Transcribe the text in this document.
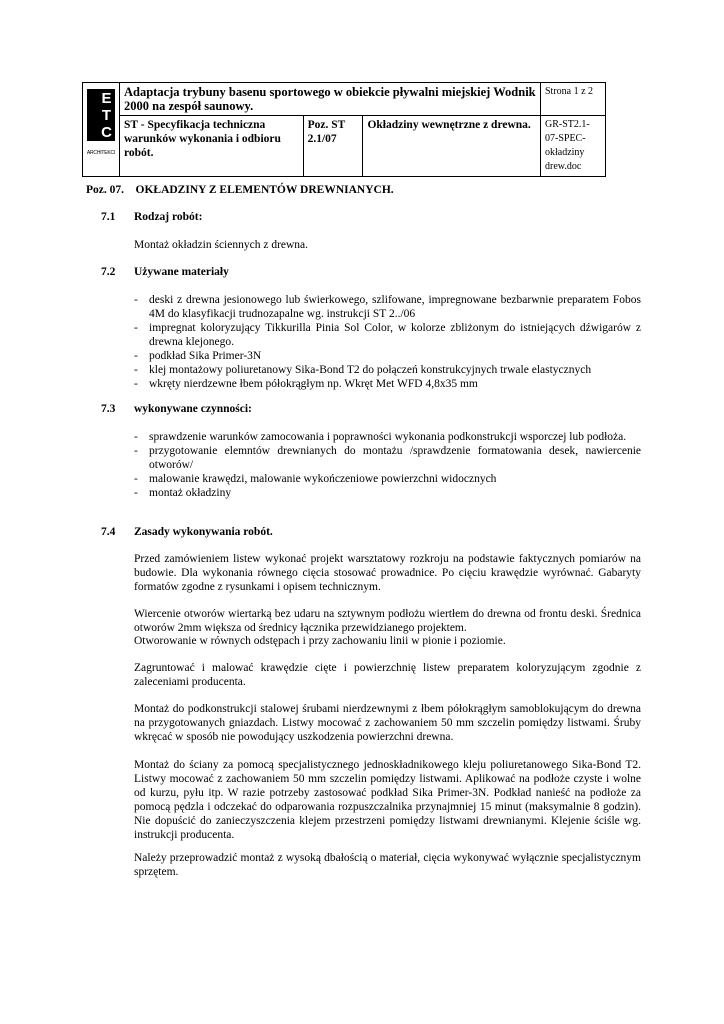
ETC
ARCHITEKCI	Adaptacja trybuny basenu sportowego w obiekcie pływalni miejskiej Wodnik 2000 na zespół saunowy.			Strona 1 z 2
	ST - Specyfikacja techniczna warunków wykonania i odbioru robót.	Poz. ST 2.1/07	Okładziny wewnętrzne z drewna.	GR-ST2.1-07-SPEC-okładziny drew.doc
Poz. 07.    OKŁADZINY Z ELEMENTÓW DREWNIANYCH.
7.1 Rodzaj robót:
Montaż okładzin ściennych z drewna.
7.2 Używane materiały
- deski z drewna jesionowego lub świerkowego, szlifowane, impregnowane bezbarwnie preparatem Fobos 4M do klasyfikacji trudnozapalne wg. instrukcji ST 2../06
- impregnat koloryzujący Tikkurilla Pinia Sol Color, w kolorze zbliżonym do istniejących dźwigarów z drewna klejonego.
- podkład Sika Primer-3N
- klej montażowy poliuretanowy Sika-Bond T2 do połączeń konstrukcyjnych trwale elastycznych
- wkręty nierdzewne łbem półokrągłym np. Wkręt Met WFD 4,8x35 mm
7.3 wykonywane czynności:
- sprawdzenie warunków zamocowania i poprawności wykonania podkonstrukcji wsporczej lub podłoża.
- przygotowanie elemntów drewnianych do montażu /sprawdzenie formatowania desek, nawiercenie otworów/
- malowanie krawędzi, malowanie wykończeniowe powierzchni widocznych
- montaż okładziny
7.4 Zasady wykonywania robót.
Przed zamówieniem listew wykonać projekt warsztatowy rozkroju na podstawie faktycznych pomiarów na budowie. Dla wykonania równego cięcia stosować prowadnice. Po cięciu krawędzie wyrównać. Gabaryty formatów zgodne z rysunkami i opisem technicznym.
Wiercenie otworów wiertarką bez udaru na sztywnym podłożu wiertłem do drewna od frontu deski. Średnica otworów 2mm większa od średnicy łącznika przewidzianego projektem.
Otworowanie w równych odstępach i przy zachowaniu linii w pionie i poziomie.
Zagruntować i malować krawędzie cięte i powierzchnię listew preparatem koloryzującym zgodnie z zaleceniami producenta.
Montaż do podkonstrukcji stalowej śrubami nierdzewnymi z łbem półokrągłym samoblokującym do drewna na przygotowanych gniazdach. Listwy mocować z zachowaniem 50 mm szczelin pomiędzy listwami. Śruby wkręcać w sposób nie powodujący uszkodzenia powierzchni drewna.
Montaż do ściany za pomocą specjalistycznego jednoskładnikowego kleju poliuretanowego Sika-Bond T2. Listwy mocować z zachowaniem 50 mm szczelin pomiędzy listwami. Aplikować na podłoże czyste i wolne od kurzu, pyłu itp. W razie potrzeby zastosować podkład Sika Primer-3N. Podkład nanieść na podłoże za pomocą pędzla i odczekać do odparowania rozpuszczalnika przynajmniej 15 minut (maksymalnie 8 godzin). Nie dopuścić do zanieczyszczenia klejem przestrzeni pomiędzy listwami drewnianymi. Klejenie ściśle wg. instrukcji producenta.
Należy przeprowadzić montaż z wysoką dbałością o materiał, cięcia wykonywać wyłącznie specjalistycznym sprzętem.
